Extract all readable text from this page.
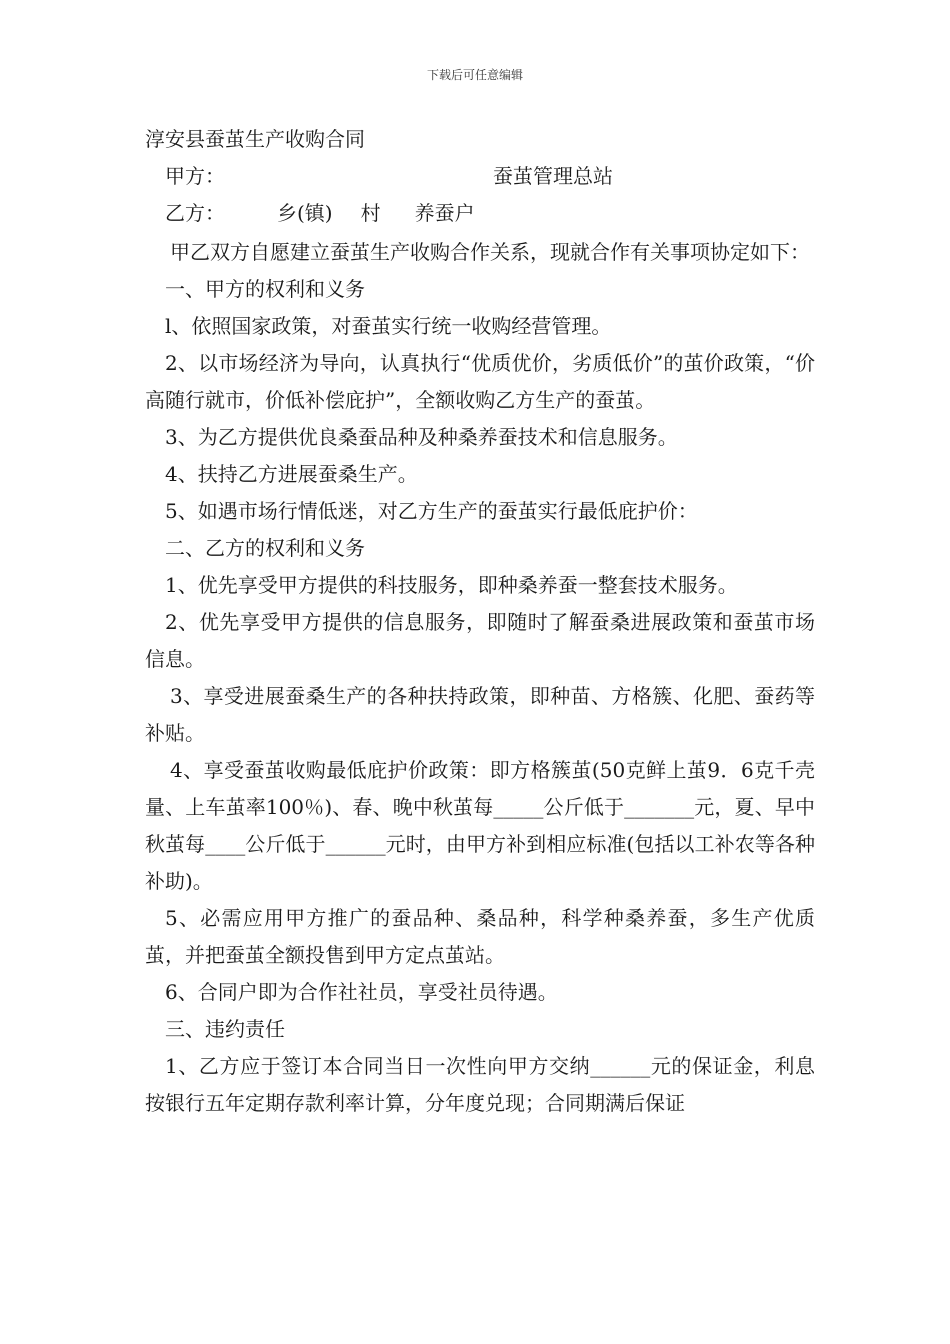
下载后可任意编辑
淳安县蚕茧生产收购合同
甲方：	蚕茧管理总站
乙方：	乡(镇) 村 养蚕户

甲乙双方自愿建立蚕茧生产收购合作关系，现就合作有关事项协定如下：

一、甲方的权利和义务

l、依照国家政策，对蚕茧实行统一收购经营管理。

2、以市场经济为导向，认真执行“优质优价，劣质低价”的茧价政策，“价高随行就市，价低补偿庇护”，全额收购乙方生产的蚕茧。

3、为乙方提供优良桑蚕品种及种桑养蚕技术和信息服务。

4、扶持乙方进展蚕桑生产。

5、如遇市场行情低迷，对乙方生产的蚕茧实行最低庇护价：

二、乙方的权利和义务

1、优先享受甲方提供的科技服务，即种桑养蚕一整套技术服务。

2、优先享受甲方提供的信息服务，即随时了解蚕桑进展政策和蚕茧市场信息。

3、享受进展蚕桑生产的各种扶持政策，即种苗、方格簇、化肥、蚕药等补贴。

4、享受蚕茧收购最低庇护价政策：即方格簇茧(50克鲜上茧9．6克千壳量、上车茧率100％)、春、晚中秋茧每_____公斤低于_______元，夏、早中秋茧每____公斤低于______元时，由甲方补到相应标准(包括以工补农等各种补助)。

5、必需应用甲方推广的蚕品种、桑品种，科学种桑养蚕，多生产优质茧，并把蚕茧全额投售到甲方定点茧站。

6、合同户即为合作社社员，享受社员待遇。

三、违约责任

1、乙方应于签订本合同当日一次性向甲方交纳______元的保证金，利息按银行五年定期存款利率计算，分年度兑现；合同期满后保证
